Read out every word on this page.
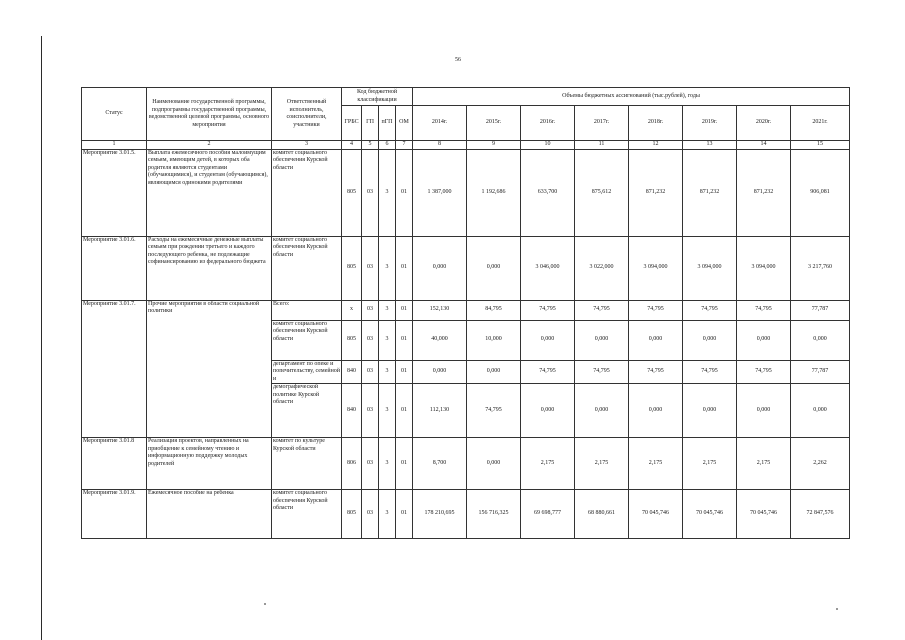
56
Статус	Наименование государственной программы, подпрограммы государственной программы, ведомственной целевой программы, основного мероприятия	Ответственный исполнитель, соисполнители, участники	Код бюджетной классификации				Объемы бюджетных ассигнований (тыс.рублей), годы							
			ГРБС	ГП	пГП	ОМ	2014г.	2015г.	2016г.	2017г.	2018г.	2019г.	2020г.	2021г.
1	2	3	4	5	6	7	8	9	10	11	12	13	14	15
Мероприятие 3.01.5.	Выплата ежемесячного пособия малоимущим семьям, имеющим детей, в которых оба родителя являются студентами (обучающимися), и студентам (обучающимся), являющимся одинокими родителями	комитет социального обеспечения Курской области	805	03	3	01	1 387,000	1 192,686	633,700	875,612	871,232	871,232	871,232	906,081
Мероприятие 3.01.6.	Расходы на ежемесячные денежные выплаты семьям при рождении третьего и каждого последующего ребенка, не подлежащие софинансированию из федерального бюджета	комитет социального обеспечения Курской области	805	03	3	01	0,000	0,000	3 046,000	3 022,000	3 094,000	3 094,000	3 094,000	3 217,760
Мероприятие 3.01.7.	Прочие мероприятия в области социальной политики	Всего:	x	03	3	01	152,130	84,795	74,795	74,795	74,795	74,795	74,795	77,787
		комитет социального обеспечения Курской области	805	03	3	01	40,000	10,000	0,000	0,000	0,000	0,000	0,000	0,000
		департамент по опеке и попечительству, семейной и	840	03	3	01	0,000	0,000	74,795	74,795	74,795	74,795	74,795	77,787
		демографической политике Курской области	840	03	3	01	112,130	74,795	0,000	0,000	0,000	0,000	0,000	0,000
Мероприятие 3.01.8	Реализация проектов, направленных на приобщение к семейному чтению и информационную поддержку молодых родителей	комитет по культуре Курской области	806	03	3	01	8,700	0,000	2,175	2,175	2,175	2,175	2,175	2,262
Мероприятие 3.01.9.	Ежемесячное пособие на ребенка	комитет социального обеспечения Курской области	805	03	3	01	178 210,695	156 716,325	69 698,777	68 880,661	70 045,746	70 045,746	70 045,746	72 847,576
